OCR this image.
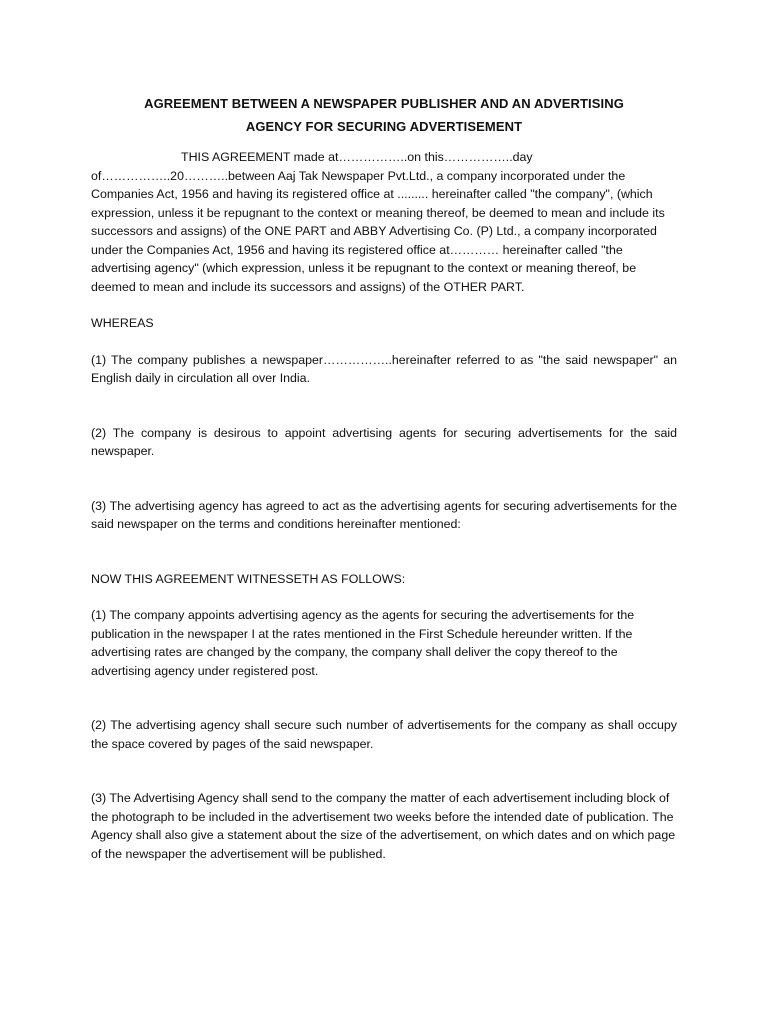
AGREEMENT BETWEEN A NEWSPAPER PUBLISHER AND AN ADVERTISING

AGENCY FOR SECURING ADVERTISEMENT

THIS AGREEMENT made at……………..on this……………..day of……………..20………..between Aaj Tak Newspaper Pvt.Ltd., a company incorporated under the Companies Act, 1956 and having its registered office at ......... hereinafter called "the company", (which expression, unless it be repugnant to the context or meaning thereof, be deemed to mean and include its successors and assigns) of the ONE PART and ABBY Advertising Co. (P) Ltd., a company incorporated under the Companies Act, 1956 and having its registered office at………… hereinafter called "the advertising agency" (which expression, unless it be repugnant to the context or meaning thereof, be deemed to mean and include its successors and assigns) of the OTHER PART.

WHEREAS

(1) The company publishes a newspaper……………..hereinafter referred to as "the said newspaper" an English daily in circulation all over India.

(2) The company is desirous to appoint advertising agents for securing advertisements for the said newspaper.

(3) The advertising agency has agreed to act as the advertising agents for securing advertisements for the said newspaper on the terms and conditions hereinafter mentioned:

NOW THIS AGREEMENT WITNESSETH AS FOLLOWS:

(1) The company appoints advertising agency as the agents for securing the advertisements for the publication in the newspaper I at the rates mentioned in the First Schedule hereunder written. If the advertising rates are changed by the company, the company shall deliver the copy thereof to the advertising agency under registered post.

(2) The advertising agency shall secure such number of advertisements for the company as shall occupy the space covered by pages of the said newspaper.

(3) The Advertising Agency shall send to the company the matter of each advertisement including block of the photograph to be included in the advertisement two weeks before the intended date of publication. The Agency shall also give a statement about the size of the advertisement, on which dates and on which page of the newspaper the advertisement will be published.
